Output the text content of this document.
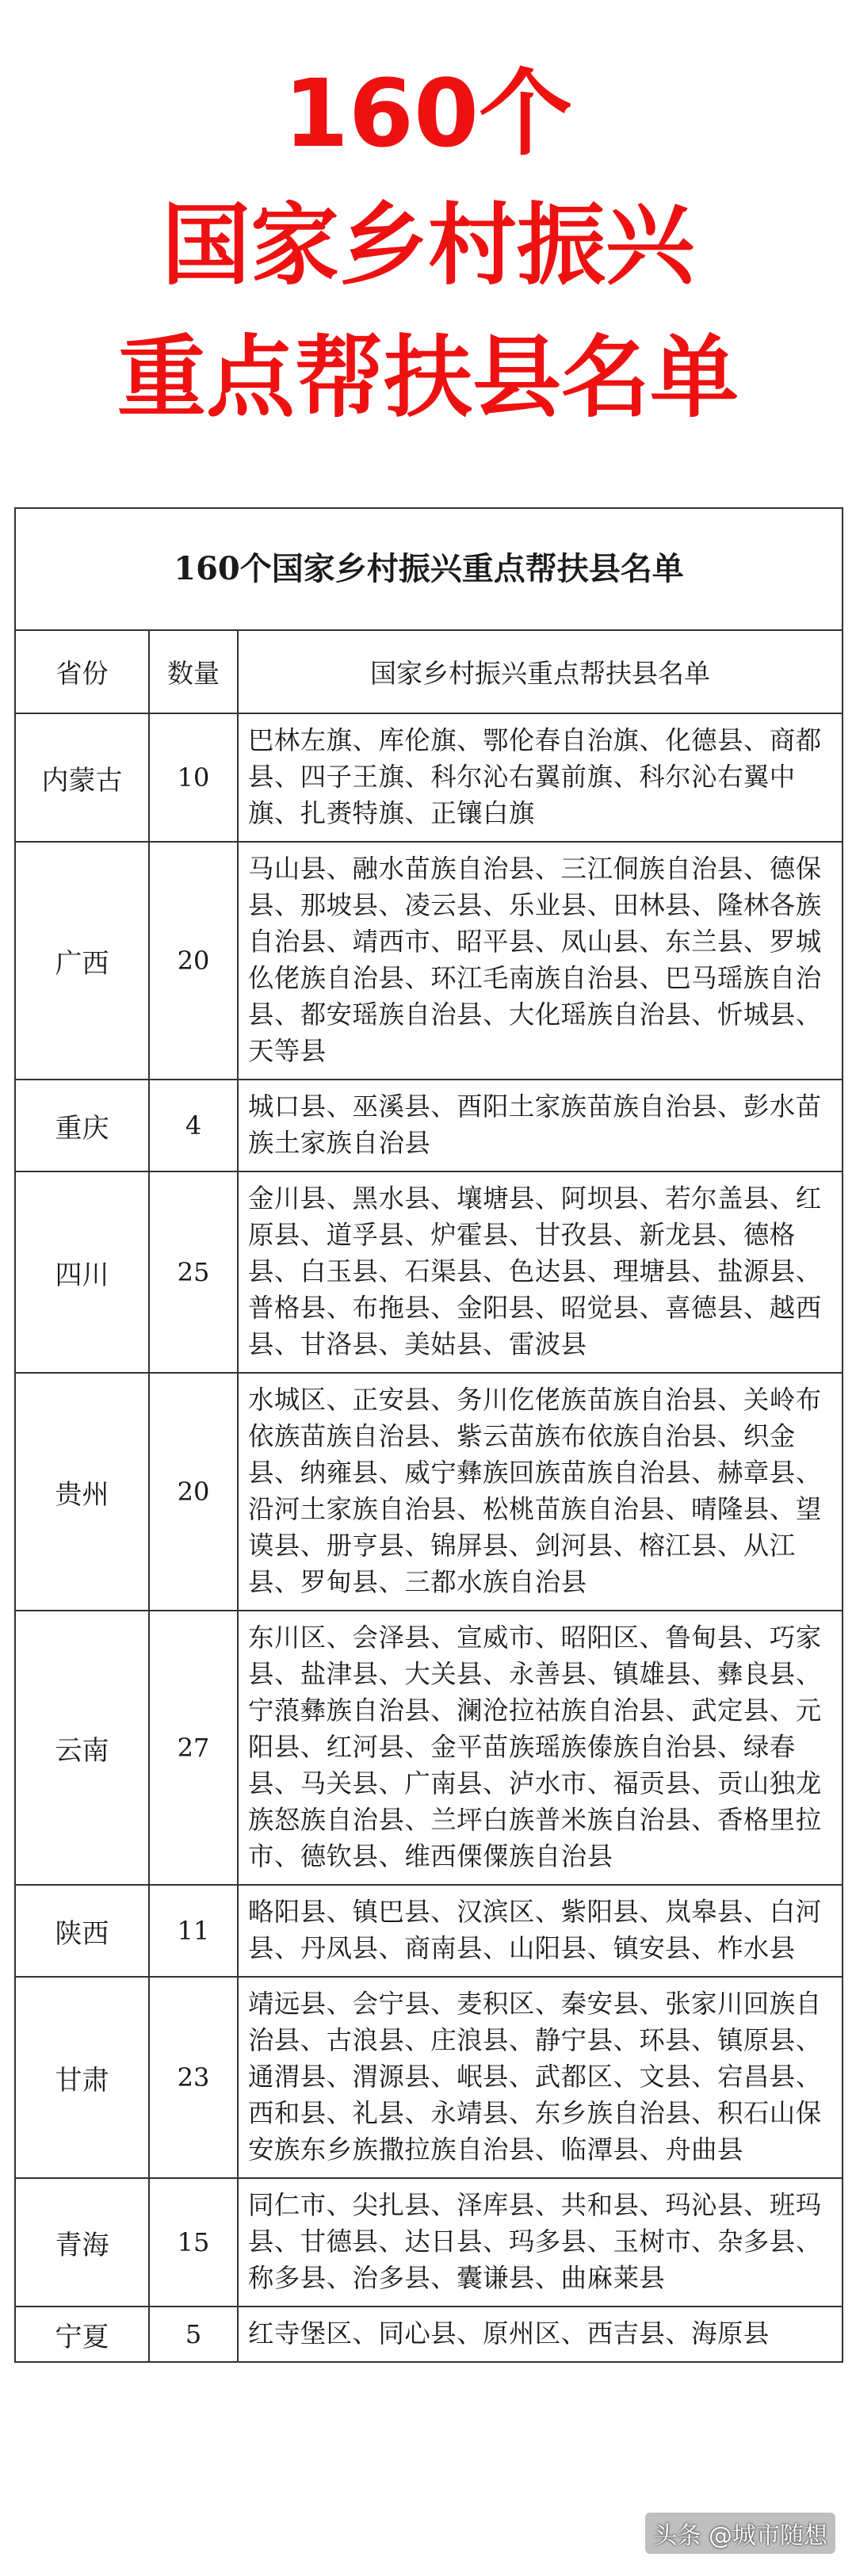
160个
国家乡村振兴
重点帮扶县名单
160个国家乡村振兴重点帮扶县名单
省份	数量	国家乡村振兴重点帮扶县名单
内蒙古	10	巴林左旗、库伦旗、鄂伦春自治旗、化德县、商都县、四子王旗、科尔沁右翼前旗、科尔沁右翼中旗、扎赉特旗、正镶白旗
广西	20	马山县、融水苗族自治县、三江侗族自治县、德保县、那坡县、凌云县、乐业县、田林县、隆林各族自治县、靖西市、昭平县、凤山县、东兰县、罗城仫佬族自治县、环江毛南族自治县、巴马瑶族自治县、都安瑶族自治县、大化瑶族自治县、忻城县、天等县
重庆	4	城口县、巫溪县、酉阳土家族苗族自治县、彭水苗族土家族自治县
四川	25	金川县、黑水县、壤塘县、阿坝县、若尔盖县、红原县、道孚县、炉霍县、甘孜县、新龙县、德格县、白玉县、石渠县、色达县、理塘县、盐源县、普格县、布拖县、金阳县、昭觉县、喜德县、越西县、甘洛县、美姑县、雷波县
贵州	20	水城区、正安县、务川仡佬族苗族自治县、关岭布依族苗族自治县、紫云苗族布依族自治县、织金县、纳雍县、威宁彝族回族苗族自治县、赫章县、沿河土家族自治县、松桃苗族自治县、晴隆县、望谟县、册亨县、锦屏县、剑河县、榕江县、从江县、罗甸县、三都水族自治县
云南	27	东川区、会泽县、宣威市、昭阳区、鲁甸县、巧家县、盐津县、大关县、永善县、镇雄县、彝良县、宁蒗彝族自治县、澜沧拉祜族自治县、武定县、元阳县、红河县、金平苗族瑶族傣族自治县、绿春县、马关县、广南县、泸水市、福贡县、贡山独龙族怒族自治县、兰坪白族普米族自治县、香格里拉市、德钦县、维西傈僳族自治县
陕西	11	略阳县、镇巴县、汉滨区、紫阳县、岚皋县、白河县、丹凤县、商南县、山阳县、镇安县、柞水县
甘肃	23	靖远县、会宁县、麦积区、秦安县、张家川回族自治县、古浪县、庄浪县、静宁县、环县、镇原县、通渭县、渭源县、岷县、武都区、文县、宕昌县、西和县、礼县、永靖县、东乡族自治县、积石山保安族东乡族撒拉族自治县、临潭县、舟曲县
青海	15	同仁市、尖扎县、泽库县、共和县、玛沁县、班玛县、甘德县、达日县、玛多县、玉树市、杂多县、称多县、治多县、囊谦县、曲麻莱县
宁夏	5	红寺堡区、同心县、原州区、西吉县、海原县
头条 @城市随想
